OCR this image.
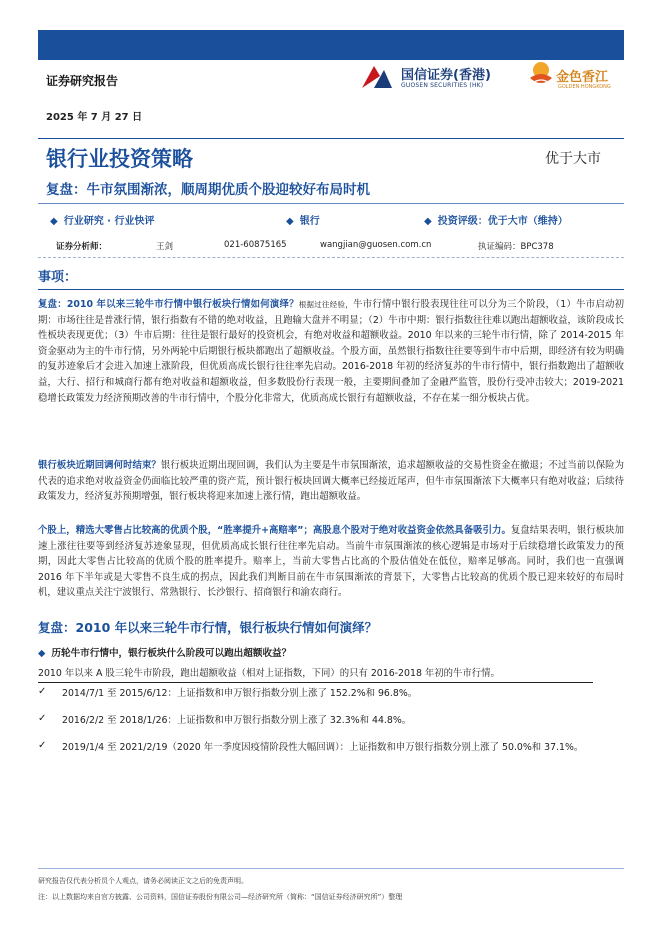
证券研究报告	国信证券(香港)
GUOSEN SECURITIES (HK)
金色香江
GOLDEN HONGKONG
2025 年 7 月 27 日
银行业投资策略	优于大市
复盘：牛市氛围渐浓，顺周期优质个股迎较好布局时机
◆ 行业研究 · 行业快评	◆ 银行	◆ 投资评级：优于大市（维持）
证券分析师：	王剑	021-60875165	wangjian@guosen.com.cn	执证编码：BPC378
事项：
复盘：2010 年以来三轮牛市行情中银行板块行情如何演绎？根据过往经验，牛市行情中银行股表现往往可以分为三个阶段，（1）牛市启动初期：市场往往是普涨行情，银行指数有不错的绝对收益，且跑输大盘并不明显；（2）牛市中期：银行指数往往难以跑出超额收益，该阶段成长性板块表现更优；（3）牛市后期：往往是银行最好的投资机会，有绝对收益和超额收益。2010 年以来的三轮牛市行情，除了 2014-2015 年资金驱动为主的牛市行情，另外两轮中后期银行板块都跑出了超额收益。个股方面，虽然银行指数往往要等到牛市中后期，即经济有较为明确的复苏迹象后才会进入加速上涨阶段，但优质高成长银行往往率先启动。2016-2018 年初的经济复苏的牛市行情中，银行指数跑出了超额收益，大行、招行和城商行都有绝对收益和超额收益，但多数股份行表现一般，主要期间叠加了金融严监管，股份行受冲击较大；2019-2021 稳增长政策发力经济预期改善的牛市行情中，个股分化非常大，优质高成长银行有超额收益，不存在某一细分板块占优。
银行板块近期回调何时结束？银行板块近期出现回调，我们认为主要是牛市氛围渐浓，追求超额收益的交易性资金在撤退；不过当前以保险为代表的追求绝对收益资金仍面临比较严重的资产荒，预计银行板块回调大概率已经接近尾声，但牛市氛围渐浓下大概率只有绝对收益；后续待政策发力，经济复苏预期增强，银行板块将迎来加速上涨行情，跑出超额收益。
个股上，精选大零售占比较高的优质个股，“胜率提升+高赔率”；高股息个股对于绝对收益资金依然具备吸引力。复盘结果表明，银行板块加速上涨往往要等到经济复苏迹象显现，但优质高成长银行往往率先启动。当前牛市氛围渐浓的核心逻辑是市场对于后续稳增长政策发力的预期，因此大零售占比较高的优质个股的胜率提升。赔率上，当前大零售占比高的个股估值处在低位，赔率足够高。同时，我们也一直强调 2016 年下半年或是大零售不良生成的拐点，因此我们判断目前在牛市氛围渐浓的背景下，大零售占比较高的优质个股已迎来较好的布局时机，建议重点关注宁波银行、常熟银行、长沙银行、招商银行和渝农商行。
复盘：2010 年以来三轮牛市行情，银行板块行情如何演绎？
◆ 历轮牛市行情中，银行板块什么阶段可以跑出超额收益？
2010 年以来 A 股三轮牛市阶段，跑出超额收益（相对上证指数，下同）的只有 2016-2018 年初的牛市行情。
✓ 2014/7/1 至 2015/6/12：上证指数和申万银行指数分别上涨了 152.2%和 96.8%。
✓ 2016/2/2 至 2018/1/26：上证指数和申万银行指数分别上涨了 32.3%和 44.8%。
✓ 2019/1/4 至 2021/2/19（2020 年一季度因疫情阶段性大幅回调）：上证指数和申万银行指数分别上涨了 50.0%和 37.1%。
研究报告仅代表分析员个人观点，请务必阅读正文之后的免责声明。
注：以上数据均来自官方披露、公司资料，国信证券股份有限公司—经济研究所（简称：“国信证券经济研究所”）整理
